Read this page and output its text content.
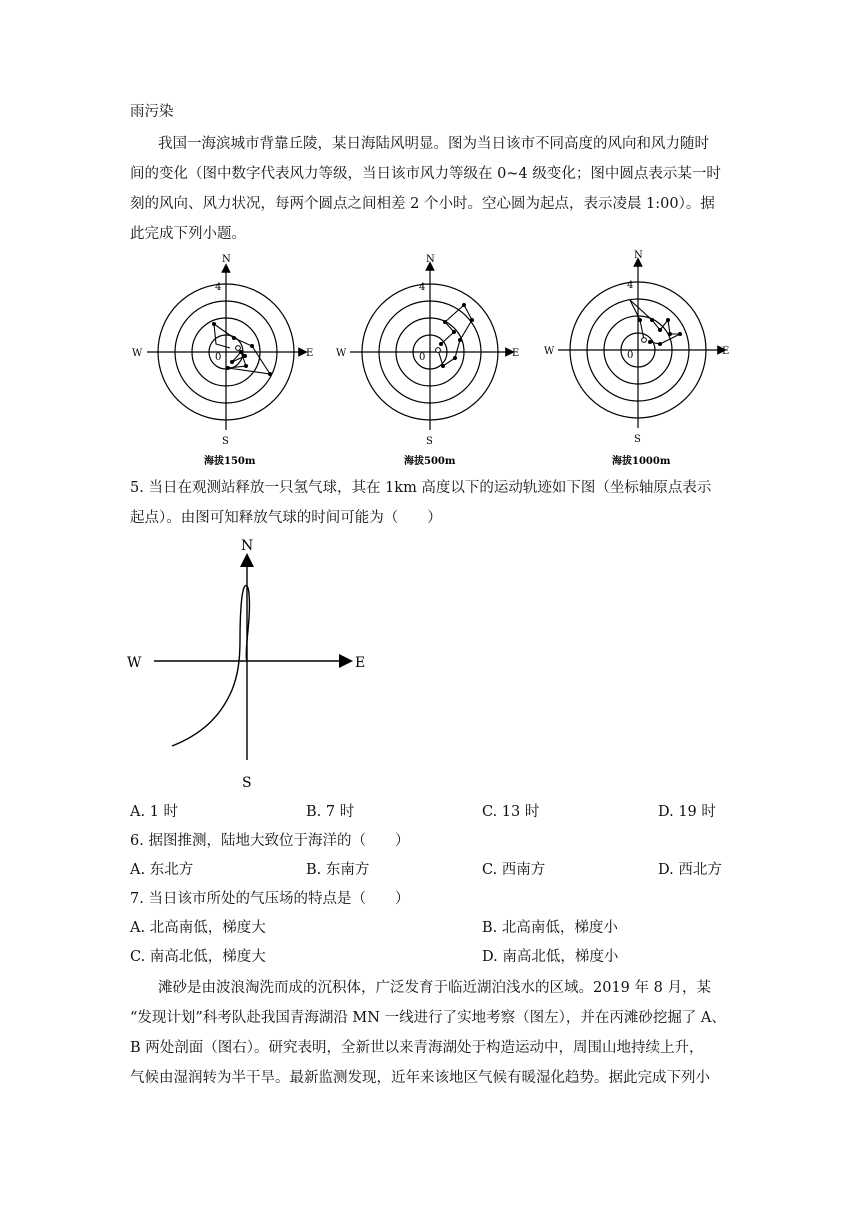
雨污染
我国一海滨城市背靠丘陵，某日海陆风明显。图为当日该市不同高度的风向和风力随时
间的变化（图中数字代表风力等级，当日该市风力等级在 0~4 级变化；图中圆点表示某一时
刻的风向、风力状况，每两个圆点之间相差 2 个小时。空心圆为起点，表示凌晨 1:00）。据
此完成下列小题。
N
S
E
W
4
0
海拔150m
N
S
E
W
4
0
海拔500m
N
S
E
W
4
0
海拔1000m
5. 当日在观测站释放一只氢气球，其在 1km 高度以下的运动轨迹如下图（坐标轴原点表示
起点）。由图可知释放气球的时间可能为（　　）
N
S
E
W
A. 1 时	B. 7 时	C. 13 时	D. 19 时
6. 据图推测，陆地大致位于海洋的（　　）
A. 东北方	B. 东南方	C. 西南方	D. 西北方
7. 当日该市所处的气压场的特点是（　　）
A. 北高南低，梯度大	B. 北高南低，梯度小
C. 南高北低，梯度大	D. 南高北低，梯度小
滩砂是由波浪淘洗而成的沉积体，广泛发育于临近湖泊浅水的区域。2019 年 8 月，某
“发现计划”科考队赴我国青海湖沿 MN 一线进行了实地考察（图左），并在丙滩砂挖掘了 A、
B 两处剖面（图右）。研究表明，全新世以来青海湖处于构造运动中，周围山地持续上升，
气候由湿润转为半干旱。最新监测发现，近年来该地区气候有暖湿化趋势。据此完成下列小
